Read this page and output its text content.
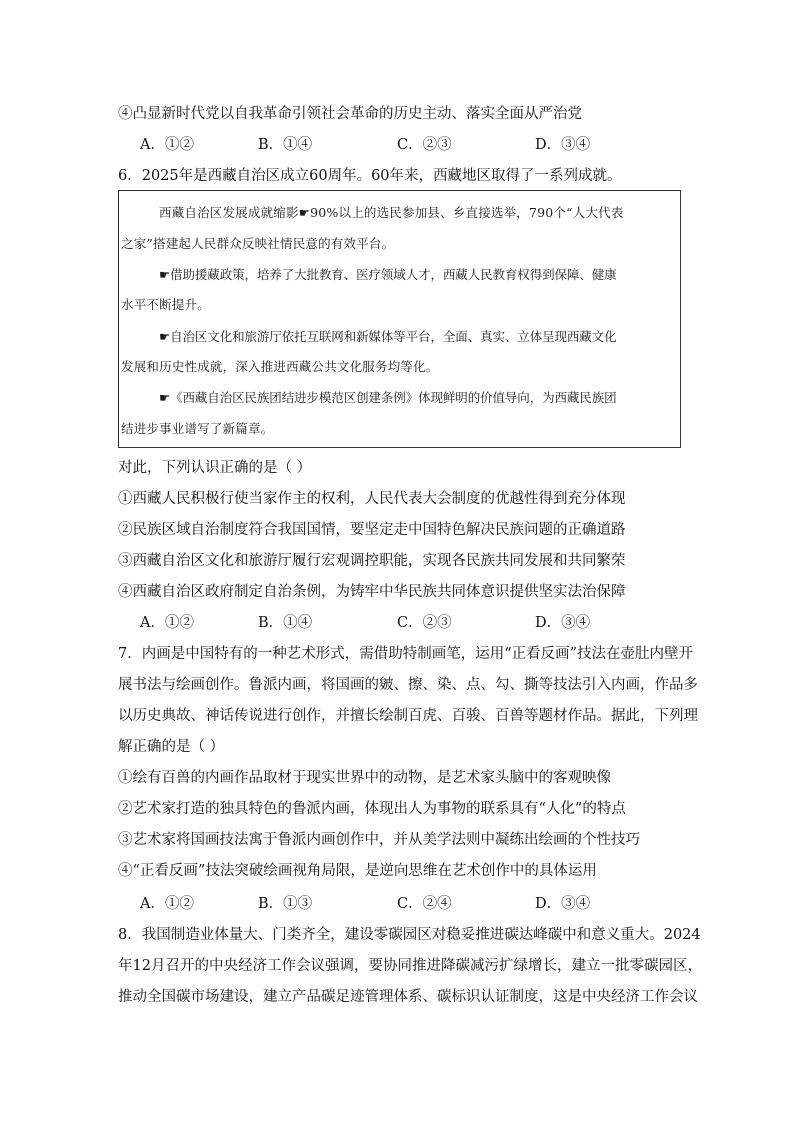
④凸显新时代党以自我革命引领社会革命的历史主动、落实全面从严治党
A．①②	B．①④	C．②③	D．③④
6．2025年是西藏自治区成立60周年。60年来，西藏地区取得了一系列成就。
西藏自治区发展成就缩影☛90%以上的选民参加县、乡直接选举，790个“人大代表
之家”搭建起人民群众反映社情民意的有效平台。
☛借助援藏政策，培养了大批教育、医疗领域人才，西藏人民教育权得到保障、健康
水平不断提升。
☛自治区文化和旅游厅依托互联网和新媒体等平台，全面、真实、立体呈现西藏文化
发展和历史性成就，深入推进西藏公共文化服务均等化。
☛《西藏自治区民族团结进步模范区创建条例》体现鲜明的价值导向，为西藏民族团
结进步事业谱写了新篇章。
对此，下列认识正确的是（ ）
①西藏人民积极行使当家作主的权利，人民代表大会制度的优越性得到充分体现
②民族区域自治制度符合我国国情，要坚定走中国特色解决民族问题的正确道路
③西藏自治区文化和旅游厅履行宏观调控职能，实现各民族共同发展和共同繁荣
④西藏自治区政府制定自治条例，为铸牢中华民族共同体意识提供坚实法治保障
A．①②	B．①④	C．②③	D．③④
7．内画是中国特有的一种艺术形式，需借助特制画笔，运用“正看反画”技法在壶肚内壁开
展书法与绘画创作。鲁派内画，将国画的皴、擦、染、点、勾、撕等技法引入内画，作品多
以历史典故、神话传说进行创作，并擅长绘制百虎、百骏、百兽等题材作品。据此，下列理
解正确的是（ ）
①绘有百兽的内画作品取材于现实世界中的动物，是艺术家头脑中的客观映像
②艺术家打造的独具特色的鲁派内画，体现出人为事物的联系具有“人化”的特点
③艺术家将国画技法寓于鲁派内画创作中，并从美学法则中凝练出绘画的个性技巧
④“正看反画”技法突破绘画视角局限，是逆向思维在艺术创作中的具体运用
A．①②	B．①③	C．②④	D．③④
8．我国制造业体量大、门类齐全，建设零碳园区对稳妥推进碳达峰碳中和意义重大。2024
年12月召开的中央经济工作会议强调，要协同推进降碳减污扩绿增长，建立一批零碳园区，
推动全国碳市场建设，建立产品碳足迹管理体系、碳标识认证制度，这是中央经济工作会议
